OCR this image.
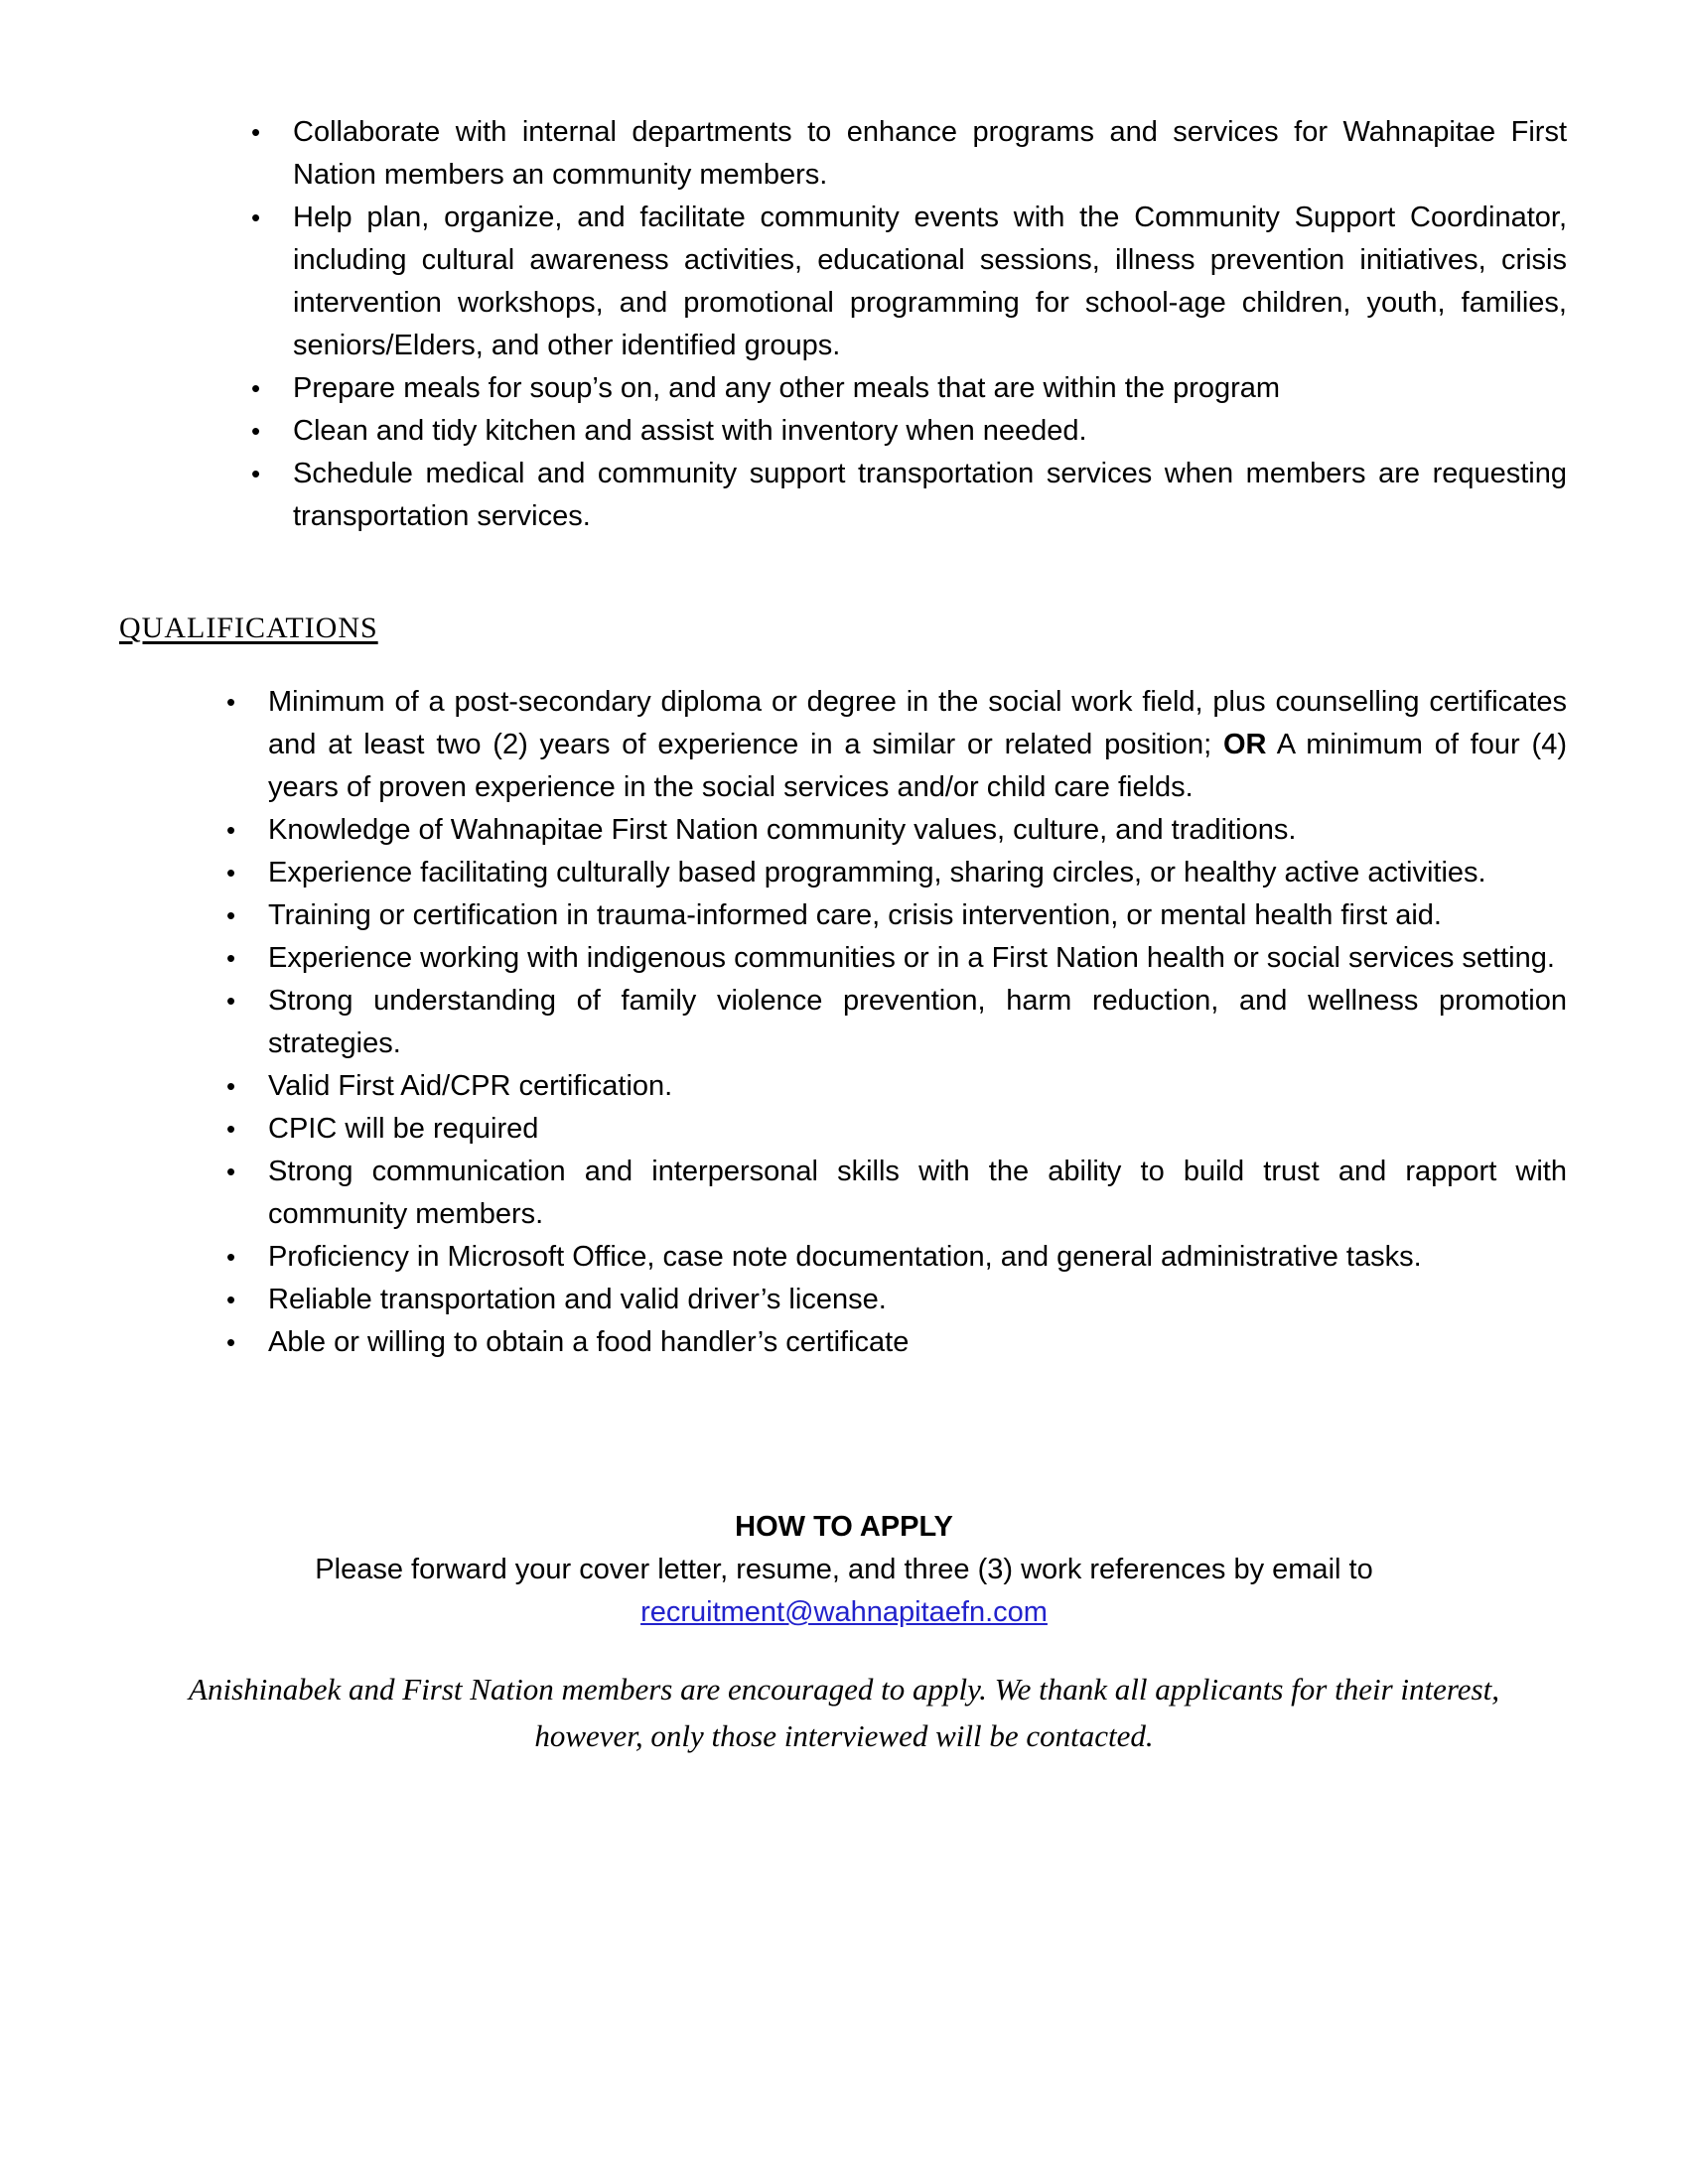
•	Collaborate with internal departments to enhance programs and services for Wahnapitae First Nation members an community members.
•	Help plan, organize, and facilitate community events with the Community Support Coordinator, including cultural awareness activities, educational sessions, illness prevention initiatives, crisis intervention workshops, and promotional programming for school-age children, youth, families, seniors/Elders, and other identified groups.
•	Prepare meals for soup’s on, and any other meals that are within the program
•	Clean and tidy kitchen and assist with inventory when needed.
•	Schedule medical and community support transportation services when members are requesting transportation services.
QUALIFICATIONS
•	Minimum of a post-secondary diploma or degree in the social work field, plus counselling certificates and at least two (2) years of experience in a similar or related position; OR A minimum of four (4) years of proven experience in the social services and/or child care fields.
•	Knowledge of Wahnapitae First Nation community values, culture, and traditions.
•	Experience facilitating culturally based programming, sharing circles, or healthy active activities.
•	Training or certification in trauma-informed care, crisis intervention, or mental health first aid.
•	Experience working with indigenous communities or in a First Nation health or social services setting.
•	Strong understanding of family violence prevention, harm reduction, and wellness promotion strategies.
•	Valid First Aid/CPR certification.
•	CPIC will be required
•	Strong communication and interpersonal skills with the ability to build trust and rapport with community members.
•	Proficiency in Microsoft Office, case note documentation, and general administrative tasks.
•	Reliable transportation and valid driver’s license.
•	Able or willing to obtain a food handler’s certificate
HOW TO APPLY
Please forward your cover letter, resume, and three (3) work references by email to
recruitment@wahnapitaefn.com
Anishinabek and First Nation members are encouraged to apply. We thank all applicants for their interest,
however, only those interviewed will be contacted.
